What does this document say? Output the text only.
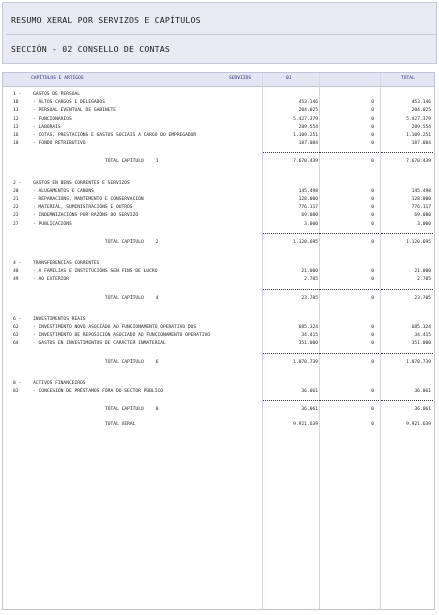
RESUMO XERAL POR SERVIZOS E CAPÍTULOS
SECCIÓN - 02 CONSELLO DE CONTAS
CAPÍTULOS E ARTIGOS	SERVIZOS	01	TOTAL
1 -	GASTOS DE PERSOAL
10	- ALTOS CARGOS E DELEGADOS	453.146	0	453.146
11	- PERSOAL EVENTUAL DE GABINETE	204.025	0	204.025
12	- FUNCIONARIOS	5.427.379	0	5.427.379
13	- LABORAIS	289.554	0	289.554
16	- COTAS, PRESTACIÓNS E GASTOS SOCIAIS A CARGO DO EMPREGADOR	1.109.251	0	1.109.251
18	- FONDO RETRIBUTIVO	187.084	0	187.084
TOTAL CAPÍTULO	1	7.670.439	0	7.670.439
2 -	GASTOS EN BENS CORRENTES E SERVIZOS
20	- ALUGAMENTOS E CANONS	145.498	0	145.498
21	- REPARACIÓNS, MANTEMENTO E CONSERVACIÓN	128.000	0	128.000
22	- MATERIAL, SUMINISTRACIÓNS E OUTROS	776.117	0	776.117
23	- INDEMNIZACIÓNS POR RAZÓNS DO SERVIZO	69.080	0	69.080
27	- PUBLICACIÓNS	3.000	0	3.000
TOTAL CAPÍTULO	2	1.120.695	0	1.120.695
4 -	TRANSFERENCIAS CORRENTES
48	- A FAMILIAS E INSTITUCIÓNS SEN FINS DE LUCRO	21.000	0	21.000
49	- AO EXTERIOR	2.705	0	2.705
TOTAL CAPÍTULO	4	23.705	0	23.705
6 -	INVESTIMENTOS REAIS
62	- INVESTIMENTO NOVO ASOCIADO AO FUNCIONAMENTO OPERATIVO DOS	685.324	0	685.324
63	- INVESTIMENTO DE REPOSICIÓN ASOCIADO AO FUNCIONAMENTO OPERATIVO	34.415	0	34.415
64	- GASTOS EN INVESTIMENTOS DE CARÁCTER INMATERIAL	351.000	0	351.000
TOTAL CAPÍTULO	6	1.070.739	0	1.070.739
8 -	ACTIVOS FINANCEIROS
83	- CONCESIÓN DE PRÉSTAMOS FÓRA DO SECTOR PÚBLICO	36.061	0	36.061
TOTAL CAPÍTULO	8	36.061	0	36.061
TOTAL XERAL	9.921.639	0	9.921.639
